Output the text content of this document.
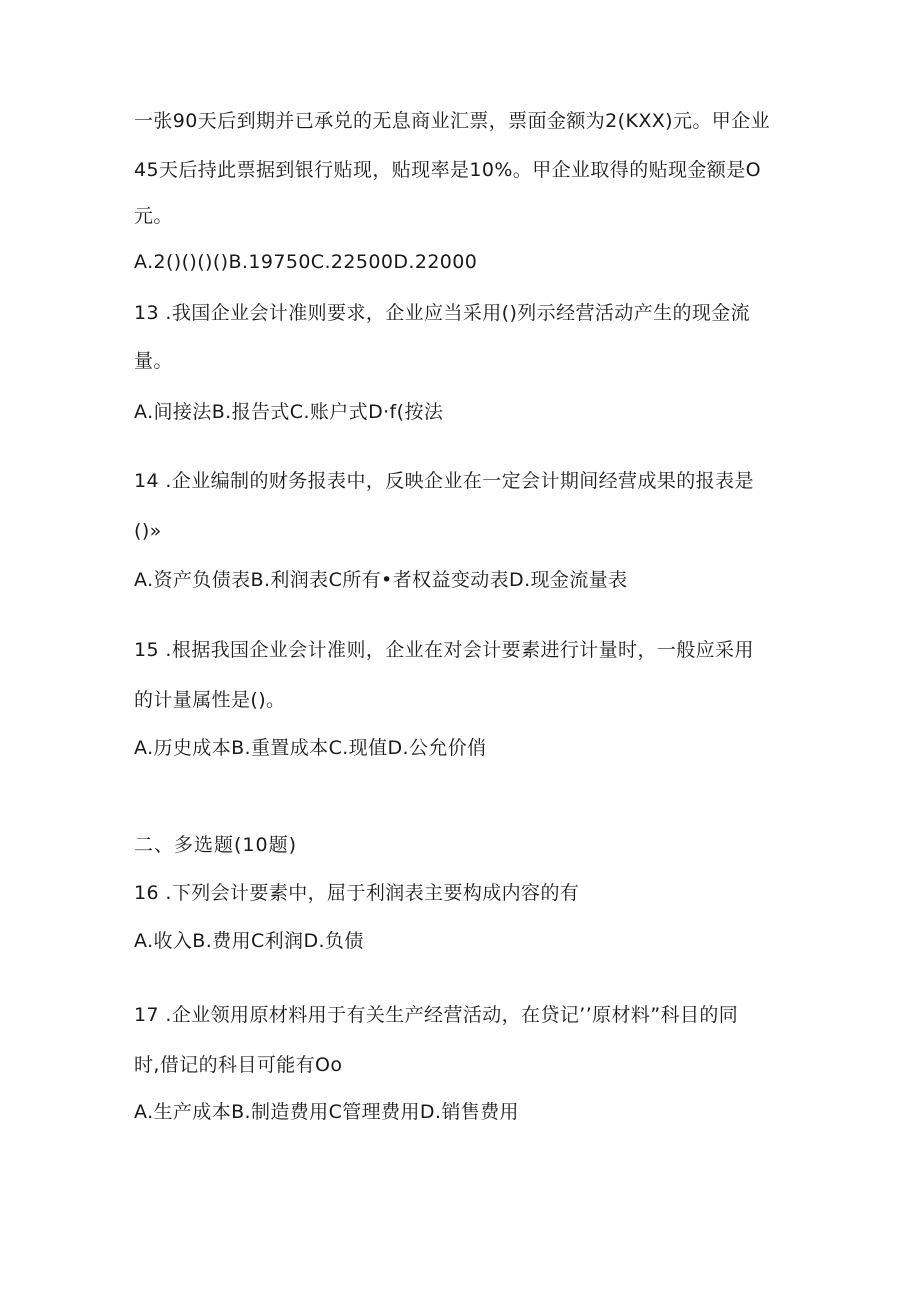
一张90天后到期并已承兑的无息商业汇票，票面金额为2(KXX)元。甲企业
45天后持此票据到银行贴现，贴现率是10%。甲企业取得的贴现金额是O
元。
A.2()()()()B.19750C.22500D.22000
13 .我国企业会计准则要求，企业应当采用()列示经营活动产生的现金流
量。
A.间接法B.报告式C.账户式D·f(按法
14 .企业编制的财务报表中，反映企业在一定会计期间经营成果的报表是
()»
A.资产负债表B.利润表C所有•者权益变动表D.现金流量表
15 .根据我国企业会计准则，企业在对会计要素进行计量时，一般应采用
的计量属性是()。
A.历史成本B.重置成本C.现值D.公允价俏
二、多选题(10题)
16 .下列会计要素中，屈于利润表主要构成内容的有
A.收入B.费用C利润D.负债
17 .企业领用原材料用于有关生产经营活动，在贷记’’原材料”科目的同
时,借记的科目可能有Oo
A.生产成本B.制造费用C管理费用D.销售费用
